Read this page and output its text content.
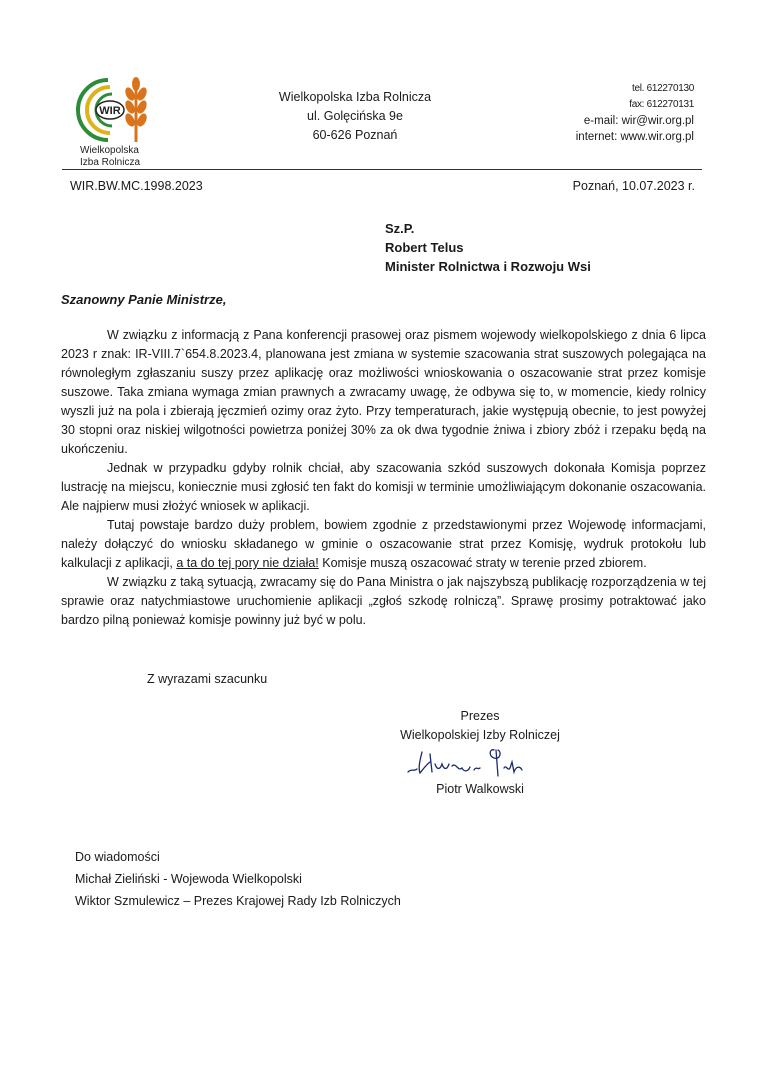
WIR
Wielkopolska
Izba Rolnicza
Wielkopolska Izba Rolnicza
ul. Golęcińska 9e
60-626 Poznań
tel. 612270130
fax: 612270131
e-mail: wir@wir.org.pl
internet: www.wir.org.pl
WIR.BW.MC.1998.2023	Poznań, 10.07.2023 r.
Sz.P.
Robert Telus
Minister Rolnictwa i Rozwoju Wsi
Szanowny Panie Ministrze,

W związku z informacją z Pana konferencji prasowej oraz pismem wojewody wielkopolskiego z dnia 6 lipca 2023 r znak: IR-VIII.7`654.8.2023.4, planowana jest zmiana w systemie szacowania strat suszowych polegająca na równoległym zgłaszaniu suszy przez aplikację oraz możliwości wnioskowania o oszacowanie strat przez komisje suszowe. Taka zmiana wymaga zmian prawnych a zwracamy uwagę, że odbywa się to, w momencie, kiedy rolnicy wyszli już na pola i zbierają jęczmień ozimy oraz żyto. Przy temperaturach, jakie występują obecnie, to jest powyżej 30 stopni oraz niskiej wilgotności powietrza poniżej 30% za ok dwa tygodnie żniwa i zbiory zbóż i rzepaku będą na ukończeniu.

Jednak w przypadku gdyby rolnik chciał, aby szacowania szkód suszowych dokonała Komisja poprzez lustrację na miejscu, koniecznie musi zgłosić ten fakt do komisji w terminie umożliwiającym dokonanie oszacowania. Ale najpierw musi złożyć wniosek w aplikacji.

Tutaj powstaje bardzo duży problem, bowiem zgodnie z przedstawionymi przez Wojewodę informacjami, należy dołączyć do wniosku składanego w gminie o oszacowanie strat przez Komisję, wydruk protokołu lub kalkulacji z aplikacji, a ta do tej pory nie działa! Komisje muszą oszacować straty w terenie przed zbiorem.

W związku z taką sytuacją, zwracamy się do Pana Ministra o jak najszybszą publikację rozporządzenia w tej sprawie oraz natychmiastowe uruchomienie aplikacji „zgłoś szkodę rolniczą”. Sprawę prosimy potraktować jako bardzo pilną ponieważ komisje powinny już być w polu.

Z wyrazami szacunku
Prezes
Wielkopolskiej Izby Rolniczej
Piotr Walkowski
Do wiadomości
Michał Zieliński - Wojewoda Wielkopolski
Wiktor Szmulewicz – Prezes Krajowej Rady Izb Rolniczych
